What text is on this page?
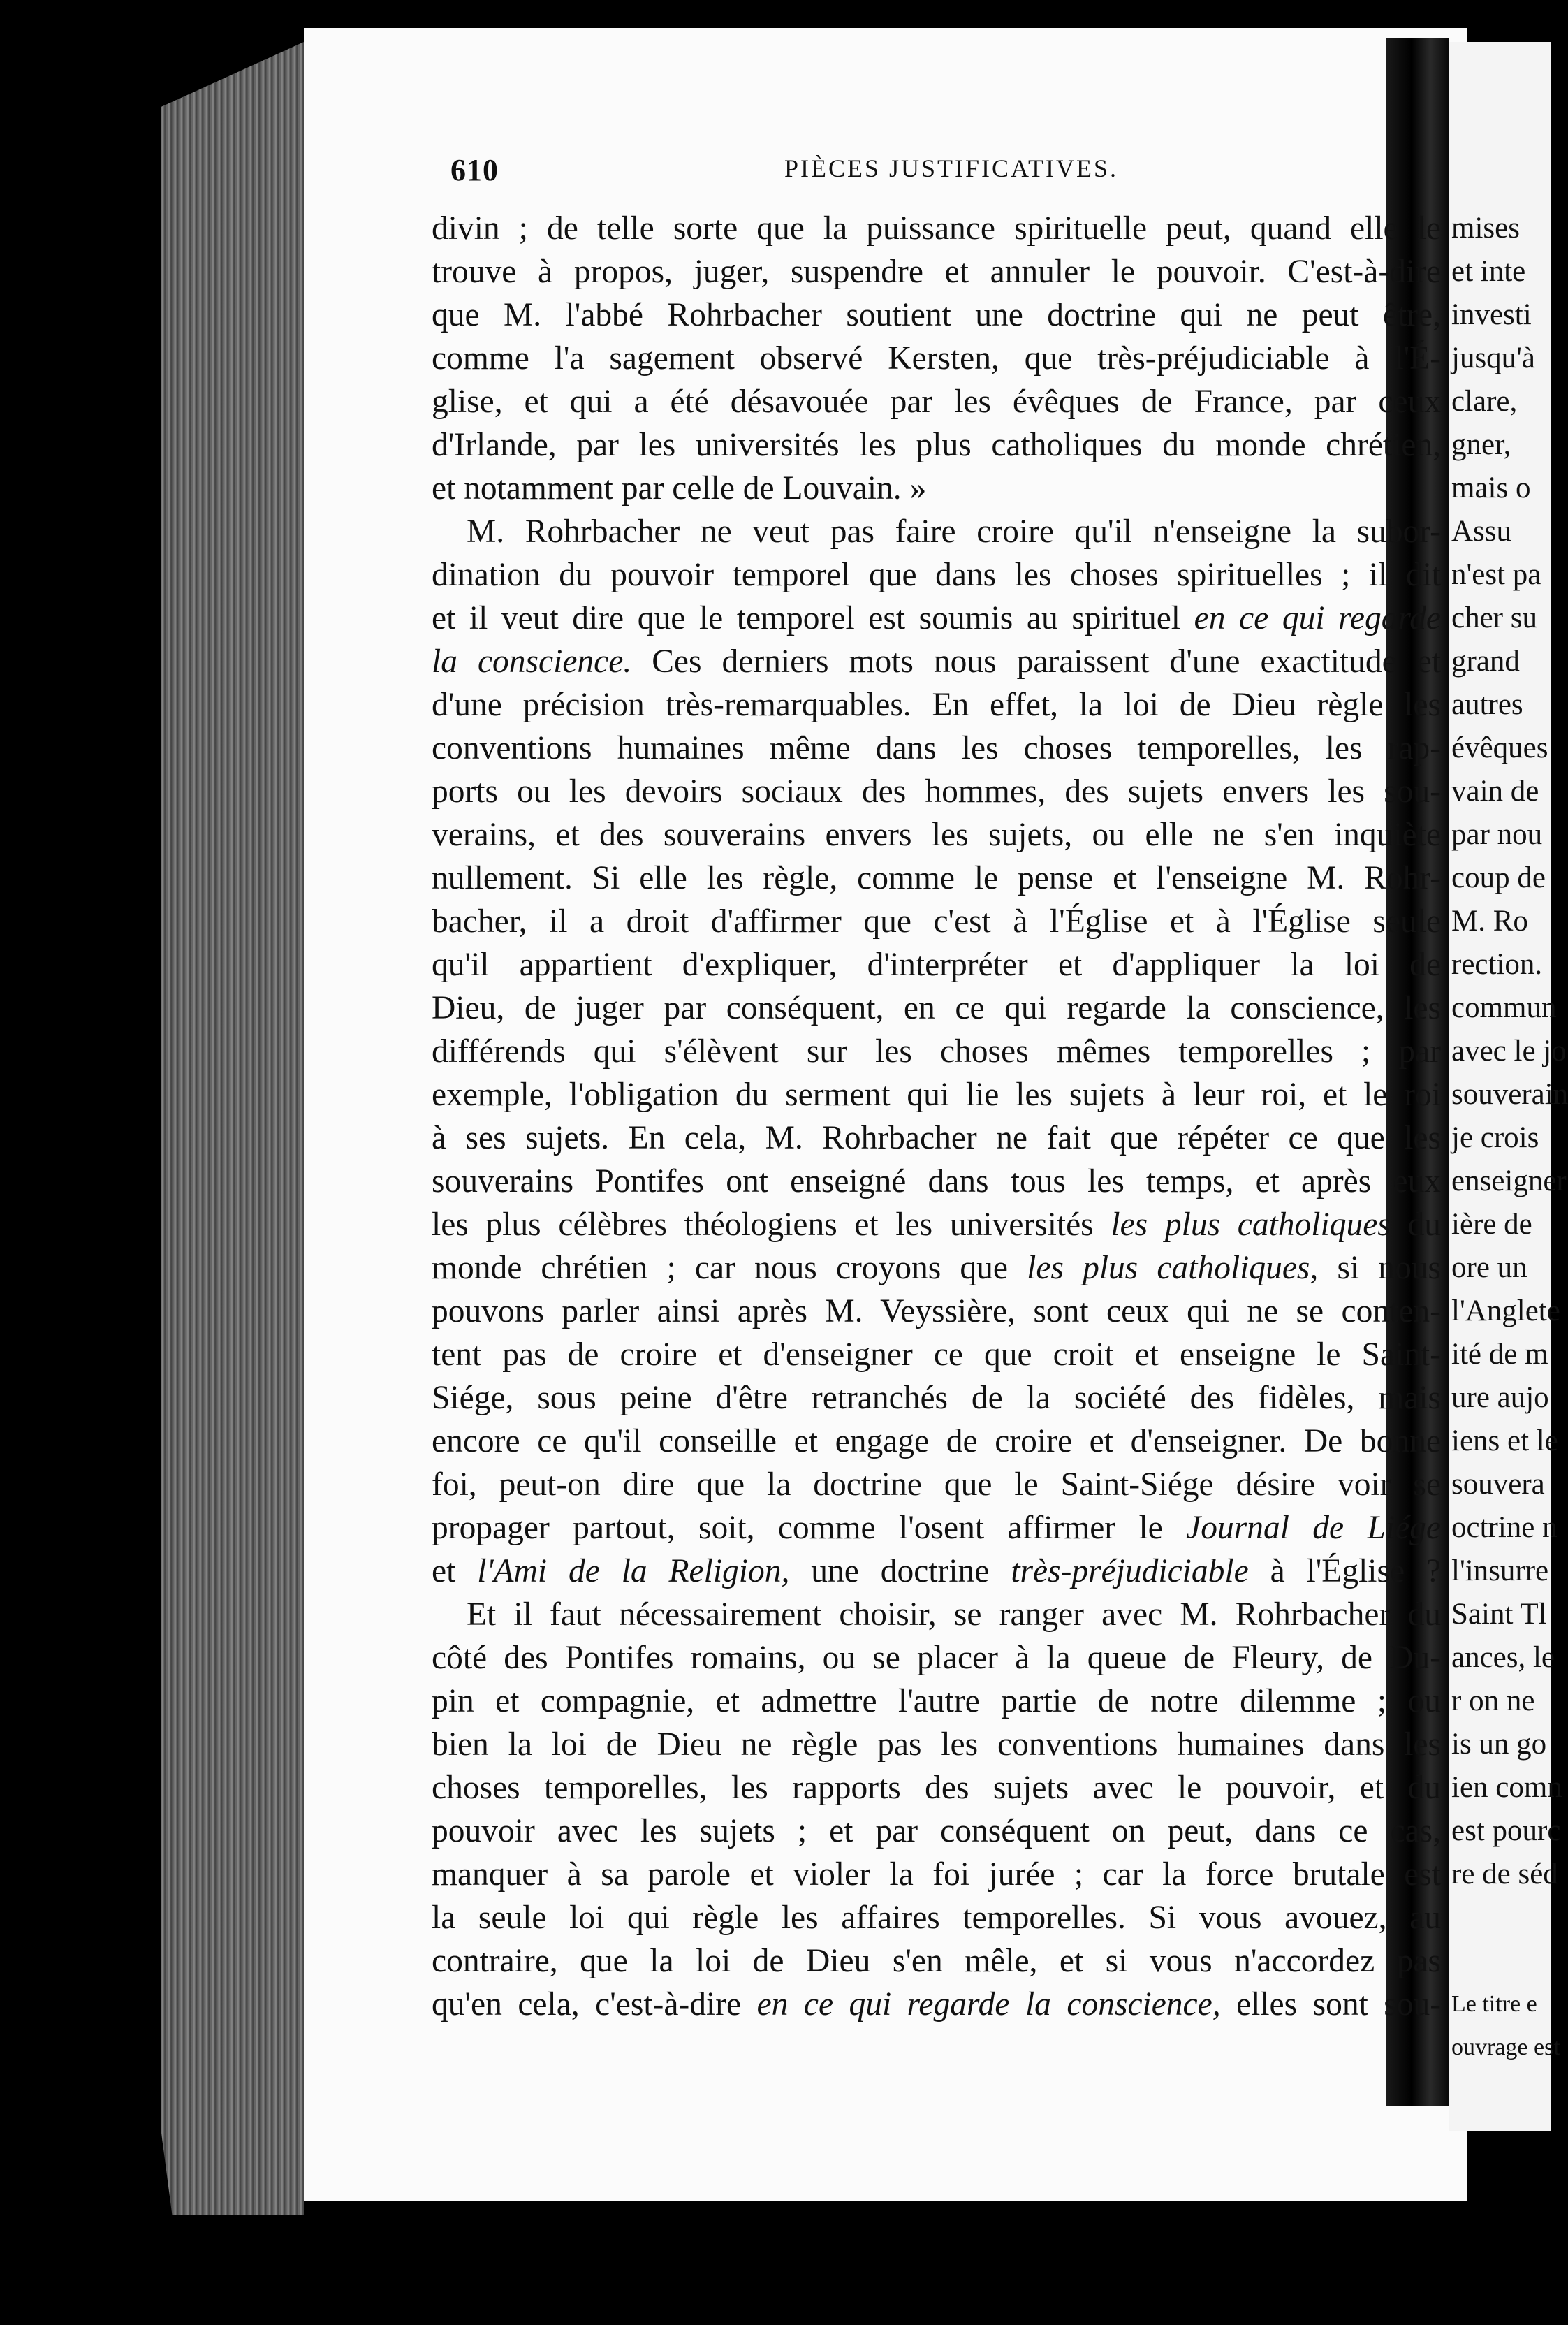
610	PIÈCES JUSTIFICATIVES.
divin ; de telle sorte que la puissance spirituelle peut, quand elle le
trouve à propos, juger, suspendre et annuler le pouvoir. C'est-à-dire
que M. l'abbé Rohrbacher soutient une doctrine qui ne peut être,
comme l'a sagement observé Kersten, que très-préjudiciable à l'É-
glise, et qui a été désavouée par les évêques de France, par ceux
d'Irlande, par les universités les plus catholiques du monde chrétien,
et notamment par celle de Louvain. »
M. Rohrbacher ne veut pas faire croire qu'il n'enseigne la subor-
dination du pouvoir temporel que dans les choses spirituelles ; il dit
et il veut dire que le temporel est soumis au spirituel en ce qui regarde
la conscience. Ces derniers mots nous paraissent d'une exactitude et
d'une précision très-remarquables. En effet, la loi de Dieu règle les
conventions humaines même dans les choses temporelles, les rap-
ports ou les devoirs sociaux des hommes, des sujets envers les sou-
verains, et des souverains envers les sujets, ou elle ne s'en inquiète
nullement. Si elle les règle, comme le pense et l'enseigne M. Rohr-
bacher, il a droit d'affirmer que c'est à l'Église et à l'Église seule
qu'il appartient d'expliquer, d'interpréter et d'appliquer la loi de
Dieu, de juger par conséquent, en ce qui regarde la conscience, les
différends qui s'élèvent sur les choses mêmes temporelles ; par
exemple, l'obligation du serment qui lie les sujets à leur roi, et le roi
à ses sujets. En cela, M. Rohrbacher ne fait que répéter ce que les
souverains Pontifes ont enseigné dans tous les temps, et après eux
les plus célèbres théologiens et les universités les plus catholiques du
monde chrétien ; car nous croyons que les plus catholiques, si nous
pouvons parler ainsi après M. Veyssière, sont ceux qui ne se conten-
tent pas de croire et d'enseigner ce que croit et enseigne le Saint-
Siége, sous peine d'être retranchés de la société des fidèles, mais
encore ce qu'il conseille et engage de croire et d'enseigner. De bonne
foi, peut-on dire que la doctrine que le Saint-Siége désire voir se
propager partout, soit, comme l'osent affirmer le Journal de Liége
et l'Ami de la Religion, une doctrine très-préjudiciable à l'Église ?
Et il faut nécessairement choisir, se ranger avec M. Rohrbacher du
côté des Pontifes romains, ou se placer à la queue de Fleury, de Du-
pin et compagnie, et admettre l'autre partie de notre dilemme ; ou
bien la loi de Dieu ne règle pas les conventions humaines dans les
choses temporelles, les rapports des sujets avec le pouvoir, et du
pouvoir avec les sujets ; et par conséquent on peut, dans ce cas,
manquer à sa parole et violer la foi jurée ; car la force brutale est
la seule loi qui règle les affaires temporelles. Si vous avouez, au
contraire, que la loi de Dieu s'en mêle, et si vous n'accordez pas
qu'en cela, c'est-à-dire en ce qui regarde la conscience, elles sont sou-
mises
et inte
investi
jusqu'à
clare,
gner,
mais o
Assu
n'est pa
cher su
grand
autres
évêques
vain de
par nou
coup de
M. Ro
rection.
commun
avec le jo
souverain
je crois
enseigner
ière de
ore un
l'Anglete
ité de m
ure aujo
iens et le
souvera
octrine n
l'insurre
Saint Tl
ances, le
r on ne
is un go
ien comn
est pourc
re de séd
Le titre e
ouvrage est
